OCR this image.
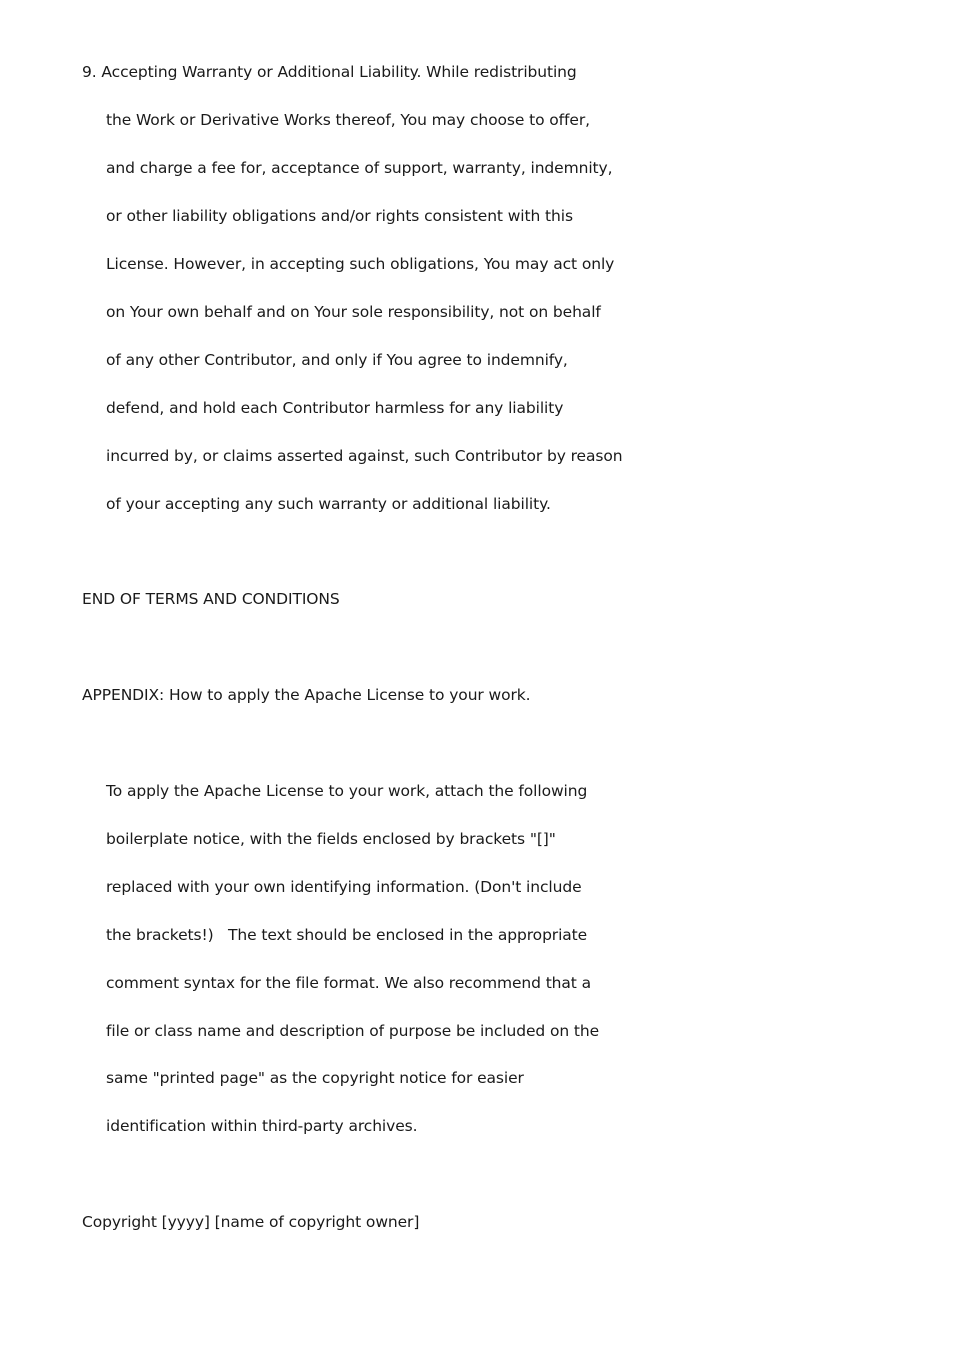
9. Accepting Warranty or Additional Liability. While redistributing
the Work or Derivative Works thereof, You may choose to offer,
and charge a fee for, acceptance of support, warranty, indemnity,
or other liability obligations and/or rights consistent with this
License. However, in accepting such obligations, You may act only
on Your own behalf and on Your sole responsibility, not on behalf
of any other Contributor, and only if You agree to indemnify,
defend, and hold each Contributor harmless for any liability
incurred by, or claims asserted against, such Contributor by reason
of your accepting any such warranty or additional liability.
END OF TERMS AND CONDITIONS
APPENDIX: How to apply the Apache License to your work.
To apply the Apache License to your work, attach the following
boilerplate notice, with the fields enclosed by brackets "[]"
replaced with your own identifying information. (Don't include
the brackets!)   The text should be enclosed in the appropriate
comment syntax for the file format. We also recommend that a
file or class name and description of purpose be included on the
same "printed page" as the copyright notice for easier
identification within third-party archives.
Copyright [yyyy] [name of copyright owner]
